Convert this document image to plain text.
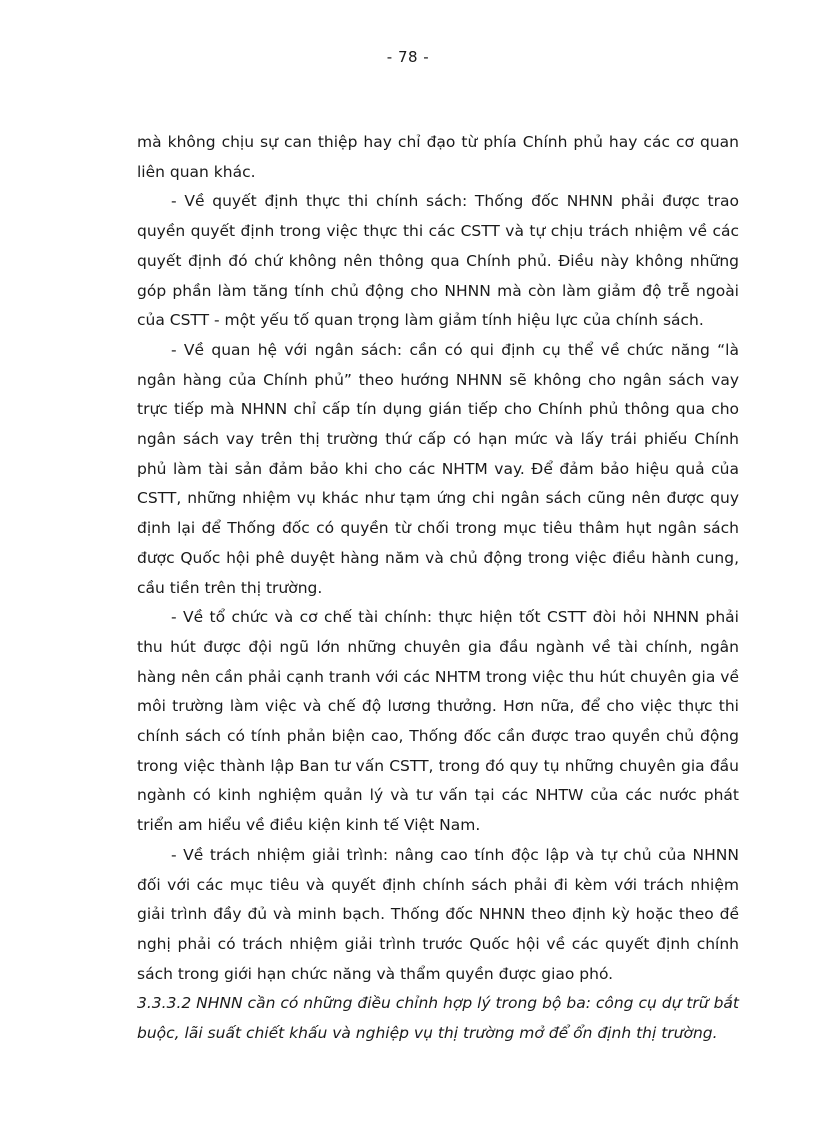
- 78 -

mà không chịu sự can thiệp hay chỉ đạo từ phía Chính phủ hay các cơ quan liên quan khác.

- Về quyết định thực thi chính sách: Thống đốc NHNN phải được trao quyền quyết định trong việc thực thi các CSTT và tự chịu trách nhiệm về các quyết định đó chứ không nên thông qua Chính phủ. Điều này không những góp phần làm tăng tính chủ động cho NHNN mà còn làm giảm độ trễ ngoài của CSTT - một yếu tố quan trọng làm giảm tính hiệu lực của chính sách.

- Về quan hệ với ngân sách: cần có qui định cụ thể về chức năng “là ngân hàng của Chính phủ” theo hướng NHNN sẽ không cho ngân sách vay trực tiếp mà NHNN chỉ cấp tín dụng gián tiếp cho Chính phủ thông qua cho ngân sách vay trên thị trường thứ cấp có hạn mức và lấy trái phiếu Chính phủ làm tài sản đảm bảo khi cho các NHTM vay. Để đảm bảo hiệu quả của CSTT, những nhiệm vụ khác như tạm ứng chi ngân sách cũng nên được quy định lại để Thống đốc có quyền từ chối trong mục tiêu thâm hụt ngân sách được Quốc hội phê duyệt hàng năm và chủ động trong việc điều hành cung, cầu tiền trên thị trường.

- Về tổ chức và cơ chế tài chính: thực hiện tốt CSTT đòi hỏi NHNN phải thu hút được đội ngũ lớn những chuyên gia đầu ngành về tài chính, ngân hàng nên cần phải cạnh tranh với các NHTM trong việc thu hút chuyên gia về môi trường làm việc và chế độ lương thưởng. Hơn nữa, để cho việc thực thi chính sách có tính phản biện cao, Thống đốc cần được trao quyền chủ động trong việc thành lập Ban tư vấn CSTT, trong đó quy tụ những chuyên gia đầu ngành có kinh nghiệm quản lý và tư vấn tại các NHTW của các nước phát triển am hiểu về điều kiện kinh tế Việt Nam.

- Về trách nhiệm giải trình: nâng cao tính độc lập và tự chủ của NHNN đối với các mục tiêu và quyết định chính sách phải đi kèm với trách nhiệm giải trình đầy đủ và minh bạch. Thống đốc NHNN theo định kỳ hoặc theo đề nghị phải có trách nhiệm giải trình trước Quốc hội về các quyết định chính sách trong giới hạn chức năng và thẩm quyền được giao phó.

3.3.3.2 NHNN cần có những điều chỉnh hợp lý trong bộ ba: công cụ dự trữ bắt buộc, lãi suất chiết khấu và nghiệp vụ thị trường mở để ổn định thị trường.
